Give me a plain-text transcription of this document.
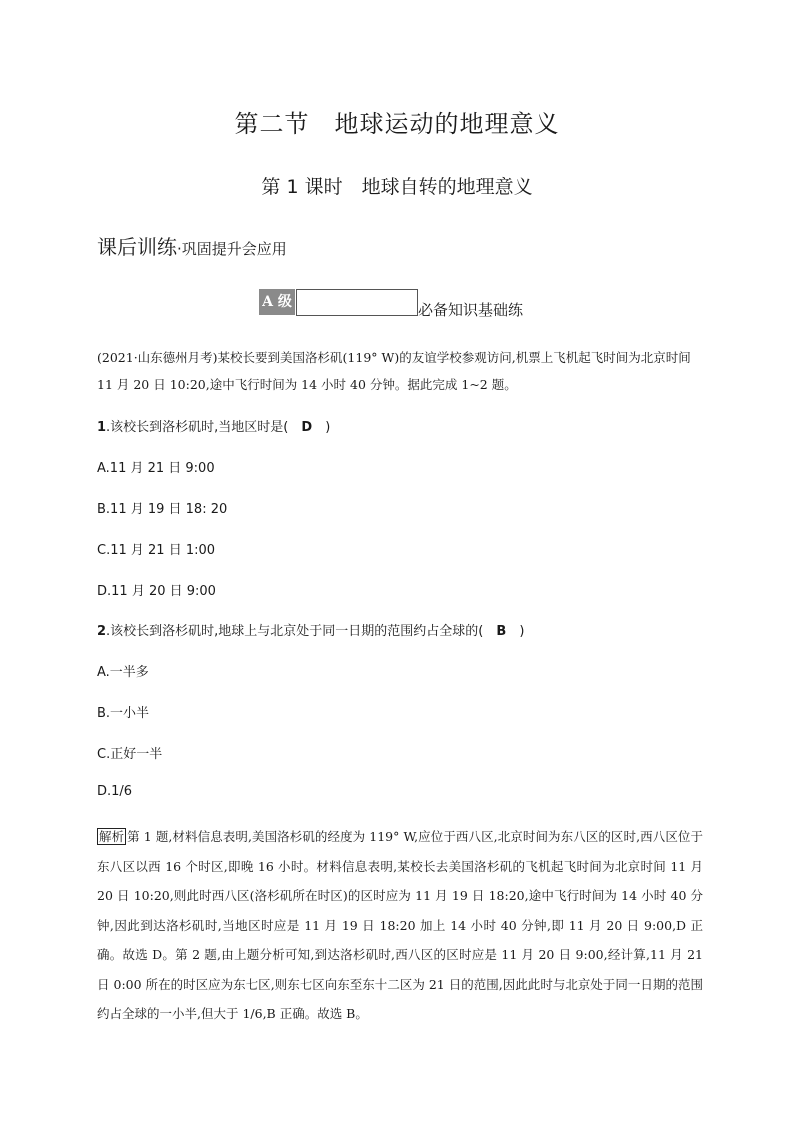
第二节　地球运动的地理意义
第 1 课时　地球自转的地理意义
课后训练·巩固提升会应用
A 级	必备知识基础练
(2021·山东德州月考)某校长要到美国洛杉矶(119° W)的友谊学校参观访问,机票上飞机起飞时间为北京时间 11 月 20 日 10:20,途中飞行时间为 14 小时 40 分钟。据此完成 1~2 题。
1.该校长到洛杉矶时,当地区时是(　D　)
A.11 月 21 日 9:00
B.11 月 19 日 18: 20
C.11 月 21 日 1:00
D.11 月 20 日 9:00
2.该校长到洛杉矶时,地球上与北京处于同一日期的范围约占全球的(　B　)
A.一半多
B.一小半
C.正好一半
D.1/6
解析 第 1 题,材料信息表明,美国洛杉矶的经度为 119° W,应位于西八区,北京时间为东八区的区时,西八区位于东八区以西 16 个时区,即晚 16 小时。材料信息表明,某校长去美国洛杉矶的飞机起飞时间为北京时间 11 月 20 日 10:20,则此时西八区(洛杉矶所在时区)的区时应为 11 月 19 日 18:20,途中飞行时间为 14 小时 40 分钟,因此到达洛杉矶时,当地区时应是 11 月 19 日 18:20 加上 14 小时 40 分钟,即 11 月 20 日 9:00,D 正确。故选 D。第 2 题,由上题分析可知,到达洛杉矶时,西八区的区时应是 11 月 20 日 9:00,经计算,11 月 21 日 0:00 所在的时区应为东七区,则东七区向东至东十二区为 21 日的范围,因此此时与北京处于同一日期的范围约占全球的一小半,但大于 1/6,B 正确。故选 B。
